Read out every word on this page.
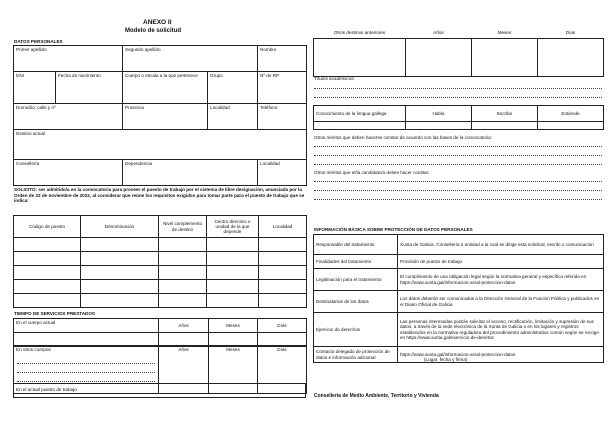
ANEXO II
Modelo de solicitud
DATOS PERSONALES
Primer apellido		Segundo apellido		Nombre
DNI	Fecha de nacimiento	Cuerpo o escala a la que pertenece	Grupo	Nº de RP
Domicilio: calle y nº		Provincia	Localidad	Teléfono
Destino actual				
Consellería		Dependencia		Localidad
SOLICITO: ser admitido/a en la convocatoria para proveer el puesto de trabajo por el sistema de libre designación, anunciada por la Orden de 22 de noviembre de 2022, al considerar que reúne los requisitos exigidos para tomar parte para el puesto de trabajo que se indica:
Código de puesto	Denominación	Nivel complemento de destino	Centro directivo o unidad de la que depende	Localidad

TIEMPO DE SERVICIOS PRESTADOS
En el cuerpo actual	Años	Meses	Días

En otros cuerpos	Años	Meses	Días
En el actual puesto de trabajo
Otros destinos anteriores	Años	Meses	Días

Títulos académicos:
Conocimiento de la lengua gallega	Habla	Escribe	Entiende

Otros méritos que deben hacerse constar de acuerdo con las bases de la convocatoria:
Otros méritos que el/la candidato/a desee hacer constar:
INFORMACIÓN BÁSICA SOBRE PROTECCIÓN DE DATOS PERSONALES
Responsable del tratamiento	Xunta de Galicia. Consellería o entidad a la cual se dirige esta solicitud, escrito o comunicación
Finalidades del tratamiento	Provisión de puesto de trabajo
Legitimación para el tratamiento	El cumplimiento de una obligación legal según la normativa general y específica referida en https://www.xunta.gal/informacion-xeral-proteccion-datos
Destinatarios de los datos	Los datos deberán ser comunicados a la Dirección General de la Función Pública y publicados en el Diario Oficial de Galicia
Ejercicio de derechos	Las personas interesadas podrán solicitar el acceso, rectificación, limitación y supresión de sus datos, a través de la sede electrónica de la Xunta de Galicia o en los lugares y registros establecidos en la normativa reguladora del procedimiento administrativo común según se recoge en https://www.xunta.gal/exercicio-de-dereitos
Contacto delegado de protección de datos e información adicional	https://www.xunta.gal/informacion-xeral-proteccion-datos
(Lugar, fecha y firma)
Conselleria de Medio Ambiente, Territorio y Vivienda
